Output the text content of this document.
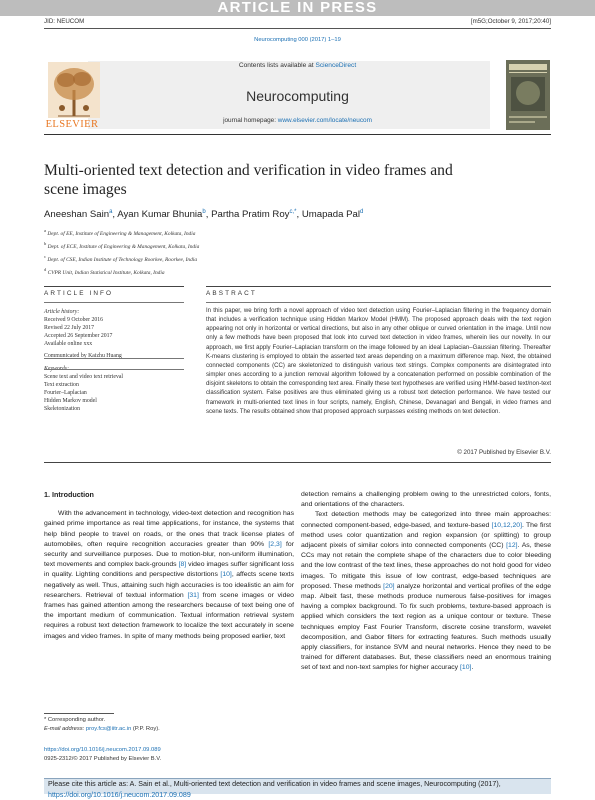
ARTICLE IN PRESS
JID: NEUCOM	[m5G;October 9, 2017;20:40]
Neurocomputing 000 (2017) 1–19
Contents lists available at ScienceDirect
Neurocomputing
journal homepage: www.elsevier.com/locate/neucom
ELSEVIER
Multi-oriented text detection and verification in video frames and scene images
Aneeshan Sain$^a$, Ayan Kumar Bhunia$^b$, Partha Pratim Roy$^{c,*}$, Umapada Pal$^d$
$^a$ Dept. of EE, Institute of Engineering & Management, Kolkata, India
$^b$ Dept. of ECE, Institute of Engineering & Management, Kolkata, India
$^c$ Dept. of CSE, Indian Institute of Technology Roorkee, Roorkee, India
$^d$ CVPR Unit, Indian Statistical Institute, Kolkata, India
ARTICLE INFO
Article history:
Received 9 October 2016
Revised 22 July 2017
Accepted 26 September 2017
Available online xxx
Communicated by Kaizhu Huang
Keywords:
Scene text and video text retrieval
Text extraction
Fourier–Laplacian
Hidden Markov model
Skeletonization
ABSTRACT
In this paper, we bring forth a novel approach of video text detection using Fourier–Laplacian filtering in the frequency domain that includes a verification technique using Hidden Markov Model (HMM). The proposed approach deals with the text region appearing not only in horizontal or vertical directions, but also in any other oblique or curved orientation in the image. Until now only a few methods have been proposed that look into curved text detection in video frames, wherein lies our novelty. In our approach, we first apply Fourier–Laplacian transform on the image followed by an ideal Laplacian–Gaussian filtering. Thereafter K-means clustering is employed to obtain the asserted text areas depending on a maximum difference map. Next, the obtained connected components (CC) are skeletonized to distinguish various text strings. Complex components are disintegrated into simpler ones according to a junction removal algorithm followed by a concatenation performed on possible combination of the disjoint skeletons to obtain the corresponding text area. Finally these text hypotheses are verified using HMM-based text/non-text classification system. False positives are thus eliminated giving us a robust text detection performance. We have tested our framework in multi-oriented text lines in four scripts, namely, English, Chinese, Devanagari and Bengali, in video frames and scene texts. The results obtained show that proposed approach surpasses existing methods on text detection.
© 2017 Published by Elsevier B.V.
1. Introduction
With the advancement in technology, video-text detection and recognition has gained prime importance as real time applications, for instance, the systems that help blind people to travel on roads, or the ones that track license plates of automobiles, often require recognition accuracies greater than 90% [2,3] for security and surveillance purposes. Due to motion-blur, non-uniform illumination, text movements and complex back-grounds [8] video images suffer significant loss in quality. Lighting conditions and perspective distortions [10], affects scene texts negatively as well. Thus, attaining such high accuracies is too idealistic an aim for researchers. Retrieval of textual information [31] from scene images or video frames has gained attention among the researchers because of text being one of the important medium of communication. Textual information retrieval system requires a robust text detection framework to localize the text accurately in scene images and video frames. In spite of many methods being proposed earlier, text
detection remains a challenging problem owing to the unrestricted colors, fonts, and orientations of the characters.
Text detection methods may be categorized into three main approaches: connected component-based, edge-based, and texture-based [10,12,20]. The first method uses color quantization and region expansion (or splitting) to group adjacent pixels of similar colors into connected components (CC) [12]. As, these CCs may not retain the complete shape of the characters due to color bleeding and the low contrast of the text lines, these approaches do not hold good for video images. To mitigate this issue of low contrast, edge-based techniques are proposed. These methods [20] analyze horizontal and vertical profiles of the edge map. Albeit fast, these methods produce numerous false-positives for images having a complex background. To fix such problems, texture-based approach is applied which considers the text region as a unique contour or texture. These techniques employ Fast Fourier Transform, discrete cosine transform, wavelet decomposition, and Gabor filters for extracting features. Such methods usually apply classifiers, for instance SVM and neural networks. Hence they need to be trained for different databases. But, these classifiers need an enormous training set of text and non-text samples for higher accuracy [10].
* Corresponding author.
E-mail address: proy.fcs@iitr.ac.in (P.P. Roy).
https://doi.org/10.1016/j.neucom.2017.09.089
0925-2312/© 2017 Published by Elsevier B.V.
Please cite this article as: A. Sain et al., Multi-oriented text detection and verification in video frames and scene images, Neurocomputing (2017), https://doi.org/10.1016/j.neucom.2017.09.089
